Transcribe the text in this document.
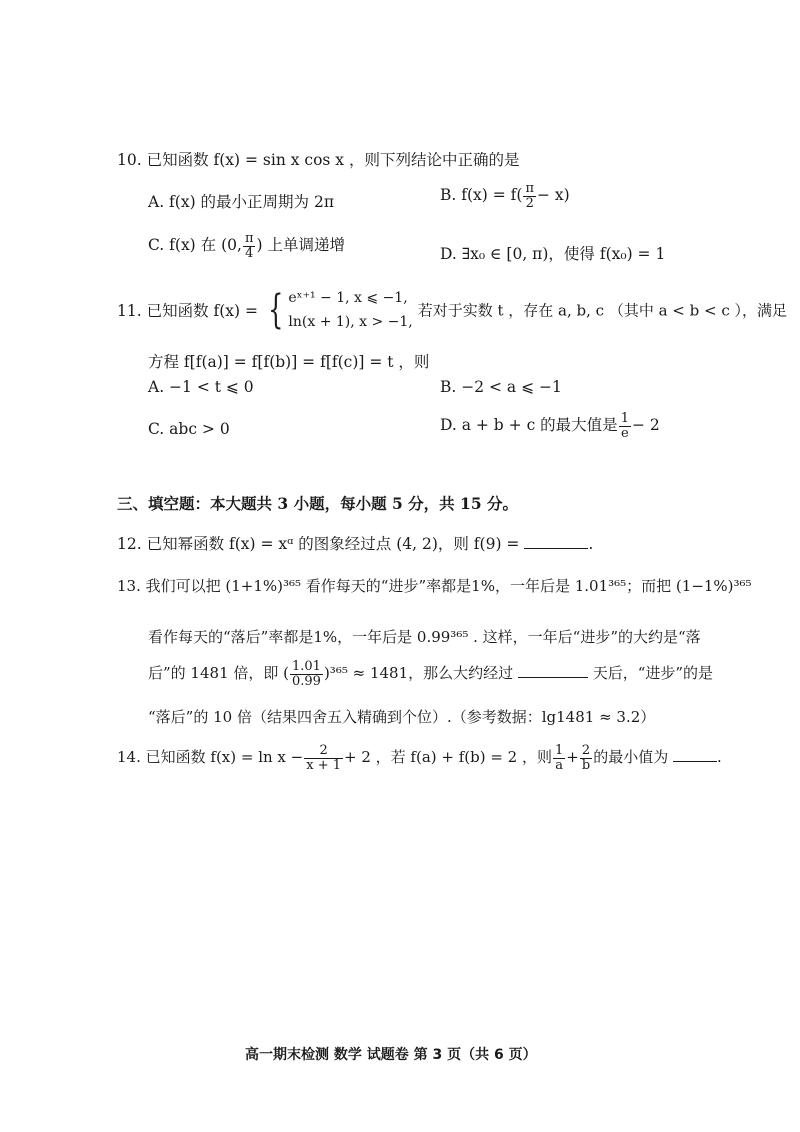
10. 已知函数 f(x) = sin x cos x ，则下列结论中正确的是
A. f(x) 的最小正周期为 2π	B. $f(x) = f( \frac{\pi}{2} - x)$
C. f(x) 在 (0, $\frac{\pi}{4}$ ) 上单调递增	D. ∃x₀ ∈ [0, π)，使得 f(x₀) = 1
11. 已知函数 f(x) = { eˣ⁺¹ − 1, x ⩽ −1,
ln(x + 1), x > −1,
若对于实数 t ，存在 a, b, c （其中 a < b < c ），满足
方程 f[f(a)] = f[f(b)] = f[f(c)] = t ，则
A. −1 < t ⩽ 0	B. −2 < a ⩽ −1
C. abc > 0	D. a + b + c 的最大值是 $\frac{1}{e} - 2$
三、填空题：本大题共 3 小题，每小题 5 分，共 15 分。
12. 已知幂函数 f(x) = xᵅ 的图象经过点 (4, 2)，则 f(9) =	.
13. 我们可以把 (1+1%)³⁶⁵ 看作每天的“进步”率都是1%，一年后是 1.01³⁶⁵；而把 (1−1%)³⁶⁵
看作每天的“落后”率都是1%，一年后是 0.99³⁶⁵ . 这样，一年后“进步”的大约是“落
后”的 1481 倍，即 ( $\frac{1.01}{0.99} )^{365} \approx 1481$，那么大约经过	天后，“进步”的是
“落后”的 10 倍（结果四舍五入精确到个位）.（参考数据：lg1481 ≈ 3.2）
14. 已知函数 $f(x) = \ln x - \frac{2}{x + 1} + 2$ ，若 f(a) + f(b) = 2 ，则 $\frac{1}{a} + \frac{2}{b}$ 的最小值为	.
高一期末检测 数学 试题卷 第 3 页（共 6 页）
